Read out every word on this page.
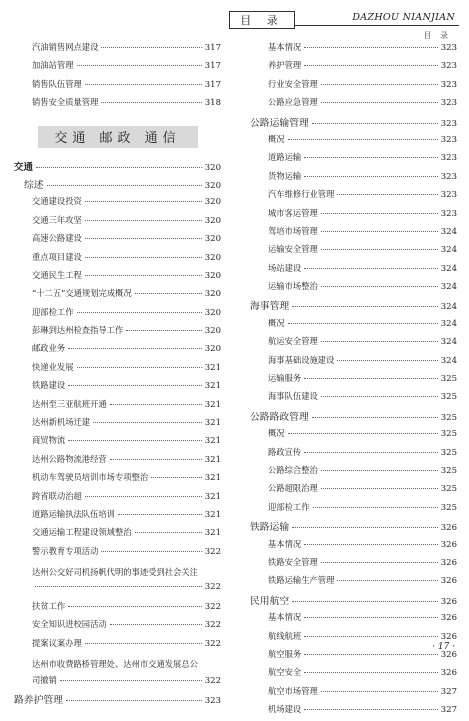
目 录	DAZHOU NIANJIAN
目 录
汽油销售网点建设	317
加油站管理	317
销售队伍管理	317
销售安全质量管理	318
交通 邮政 通信
交通	320
综述	320
交通建设投资	320
交通三年攻坚	320
高速公路建设	320
重点项目建设	320
交通民生工程	320
“十二五”交通规划完成概况	320
迎部检工作	320
彭琳到达州检查指导工作	320
邮政业务	320
快递业发展	321
铁路建设	321
达州至三亚航班开通	321
达州新机场迁建	321
商贸物流	321
达州公路物流港经营	321
机动车驾驶员培训市场专项整治	321
跨省联动治超	321
道路运输执法队伍培训	321
交通运输工程建设领域整治	321
警示教育专项活动	322
达州公交好司机扬帆代明的事迹受到社会关注
322
扶贫工作	322
安全知识进校园活动	322
提案议案办理	322
达州市收费路桥管理处、达州市交通发展总公
司撤销	322
路养护管理	323
基本情况	323
养护管理	323
行业安全管理	323
公路应急管理	323
公路运输管理	323
概况	323
道路运输	323
货物运输	323
汽车维修行业管理	323
城市客运管理	323
驾培市场管理	324
运输安全管理	324
场站建设	324
运输市场整治	324
海事管理	324
概况	324
航运安全管理	324
海事基础设施建设	324
运输服务	325
海事队伍建设	325
公路路政管理	325
概况	325
路政宣传	325
公路综合整治	325
公路超限治理	325
迎部检工作	325
铁路运输	326
基本情况	326
铁路安全管理	326
铁路运输生产管理	326
民用航空	326
基本情况	326
航线航班	326
航空服务	326
航空安全	326
航空市场管理	327
机场建设	327
· 17 ·
